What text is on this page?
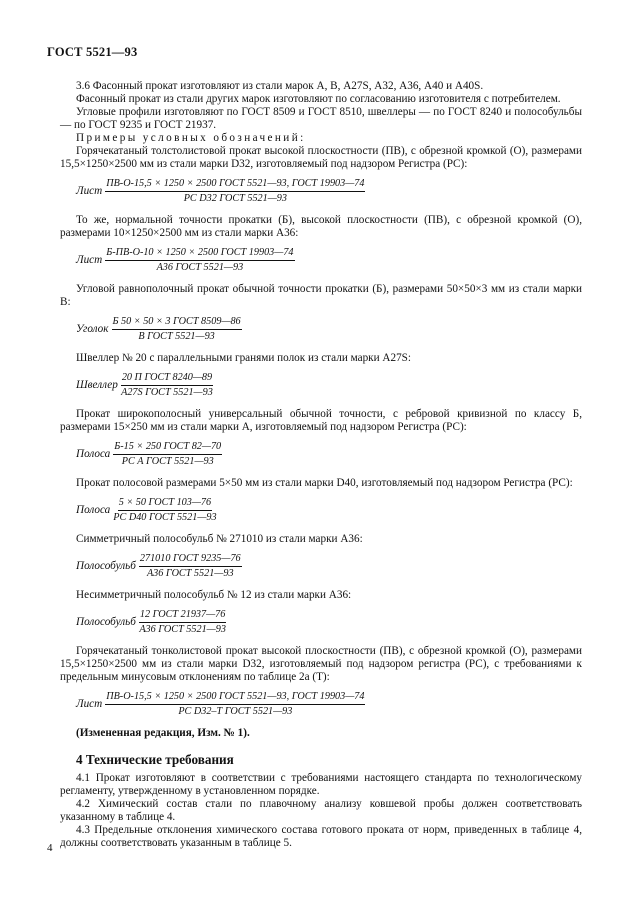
ГОСТ 5521—93

3.6 Фасонный прокат изготовляют из стали марок А, В, А27S, А32, А36, А40 и А40S.

Фасонный прокат из стали других марок изготовляют по согласованию изготовителя с потребителем.

Угловые профили изготовляют по ГОСТ 8509 и ГОСТ 8510, швеллеры — по ГОСТ 8240 и полособульбы — по ГОСТ 9235 и ГОСТ 21937.

Примеры условных обозначений:

Горячекатаный толстолистовой прокат высокой плоскостности (ПВ), с обрезной кромкой (О), размерами 15,5×1250×2500 мм из стали марки D32, изготовляемый под надзором Регистра (РС):

Лист $\frac{\text{ПВ-О-15,5 × 1250 × 2500 ГОСТ 5521—93, ГОСТ 19903—74}}{\text{РС D32 ГОСТ 5521—93}}$

То же, нормальной точности прокатки (Б), высокой плоскостности (ПВ), с обрезной кромкой (О), размерами 10×1250×2500 мм из стали марки А36:

Лист $\frac{\text{Б-ПВ-О-10 × 1250 × 2500 ГОСТ 19903—74}}{\text{А36 ГОСТ 5521—93}}$

Угловой равнополочный прокат обычной точности прокатки (Б), размерами 50×50×3 мм из стали марки В:

Уголок $\frac{\text{Б 50 × 50 × 3 ГОСТ 8509—86}}{\text{В ГОСТ 5521—93}}$

Швеллер № 20 с параллельными гранями полок из стали марки А27S:

Швеллер $\frac{\text{20 П ГОСТ 8240—89}}{\text{А27S ГОСТ 5521—93}}$

Прокат широкополосный универсальный обычной точности, с ребровой кривизной по классу Б, размерами 15×250 мм из стали марки А, изготовляемый под надзором Регистра (РС):

Полоса $\frac{\text{Б-15 × 250 ГОСТ 82—70}}{\text{РС А ГОСТ 5521—93}}$

Прокат полосовой размерами 5×50 мм из стали марки D40, изготовляемый под надзором Регистра (РС):

Полоса $\frac{\text{5 × 50 ГОСТ 103—76}}{\text{РС D40 ГОСТ 5521—93}}$

Симметричный полособульб № 271010 из стали марки А36:

Полособульб $\frac{\text{271010 ГОСТ 9235—76}}{\text{А36 ГОСТ 5521—93}}$

Несимметричный полособульб № 12 из стали марки А36:

Полособульб $\frac{\text{12 ГОСТ 21937—76}}{\text{А36 ГОСТ 5521—93}}$

Горячекатаный тонколистовой прокат высокой плоскостности (ПВ), с обрезной кромкой (О), размерами 15,5×1250×2500 мм из стали марки D32, изготовляемый под надзором регистра (РС), с требованиями к предельным минусовым отклонениям по таблице 2а (Т):

Лист $\frac{\text{ПВ-О-15,5 × 1250 × 2500 ГОСТ 5521—93, ГОСТ 19903—74}}{\text{РС D32–Т ГОСТ 5521—93}}$

(Измененная редакция, Изм. № 1).

4 Технические требования

4.1 Прокат изготовляют в соответствии с требованиями настоящего стандарта по технологическому регламенту, утвержденному в установленном порядке.

4.2 Химический состав стали по плавочному анализу ковшевой пробы должен соответствовать указанному в таблице 4.

4.3 Предельные отклонения химического состава готового проката от норм, приведенных в таблице 4, должны соответствовать указанным в таблице 5.

4
